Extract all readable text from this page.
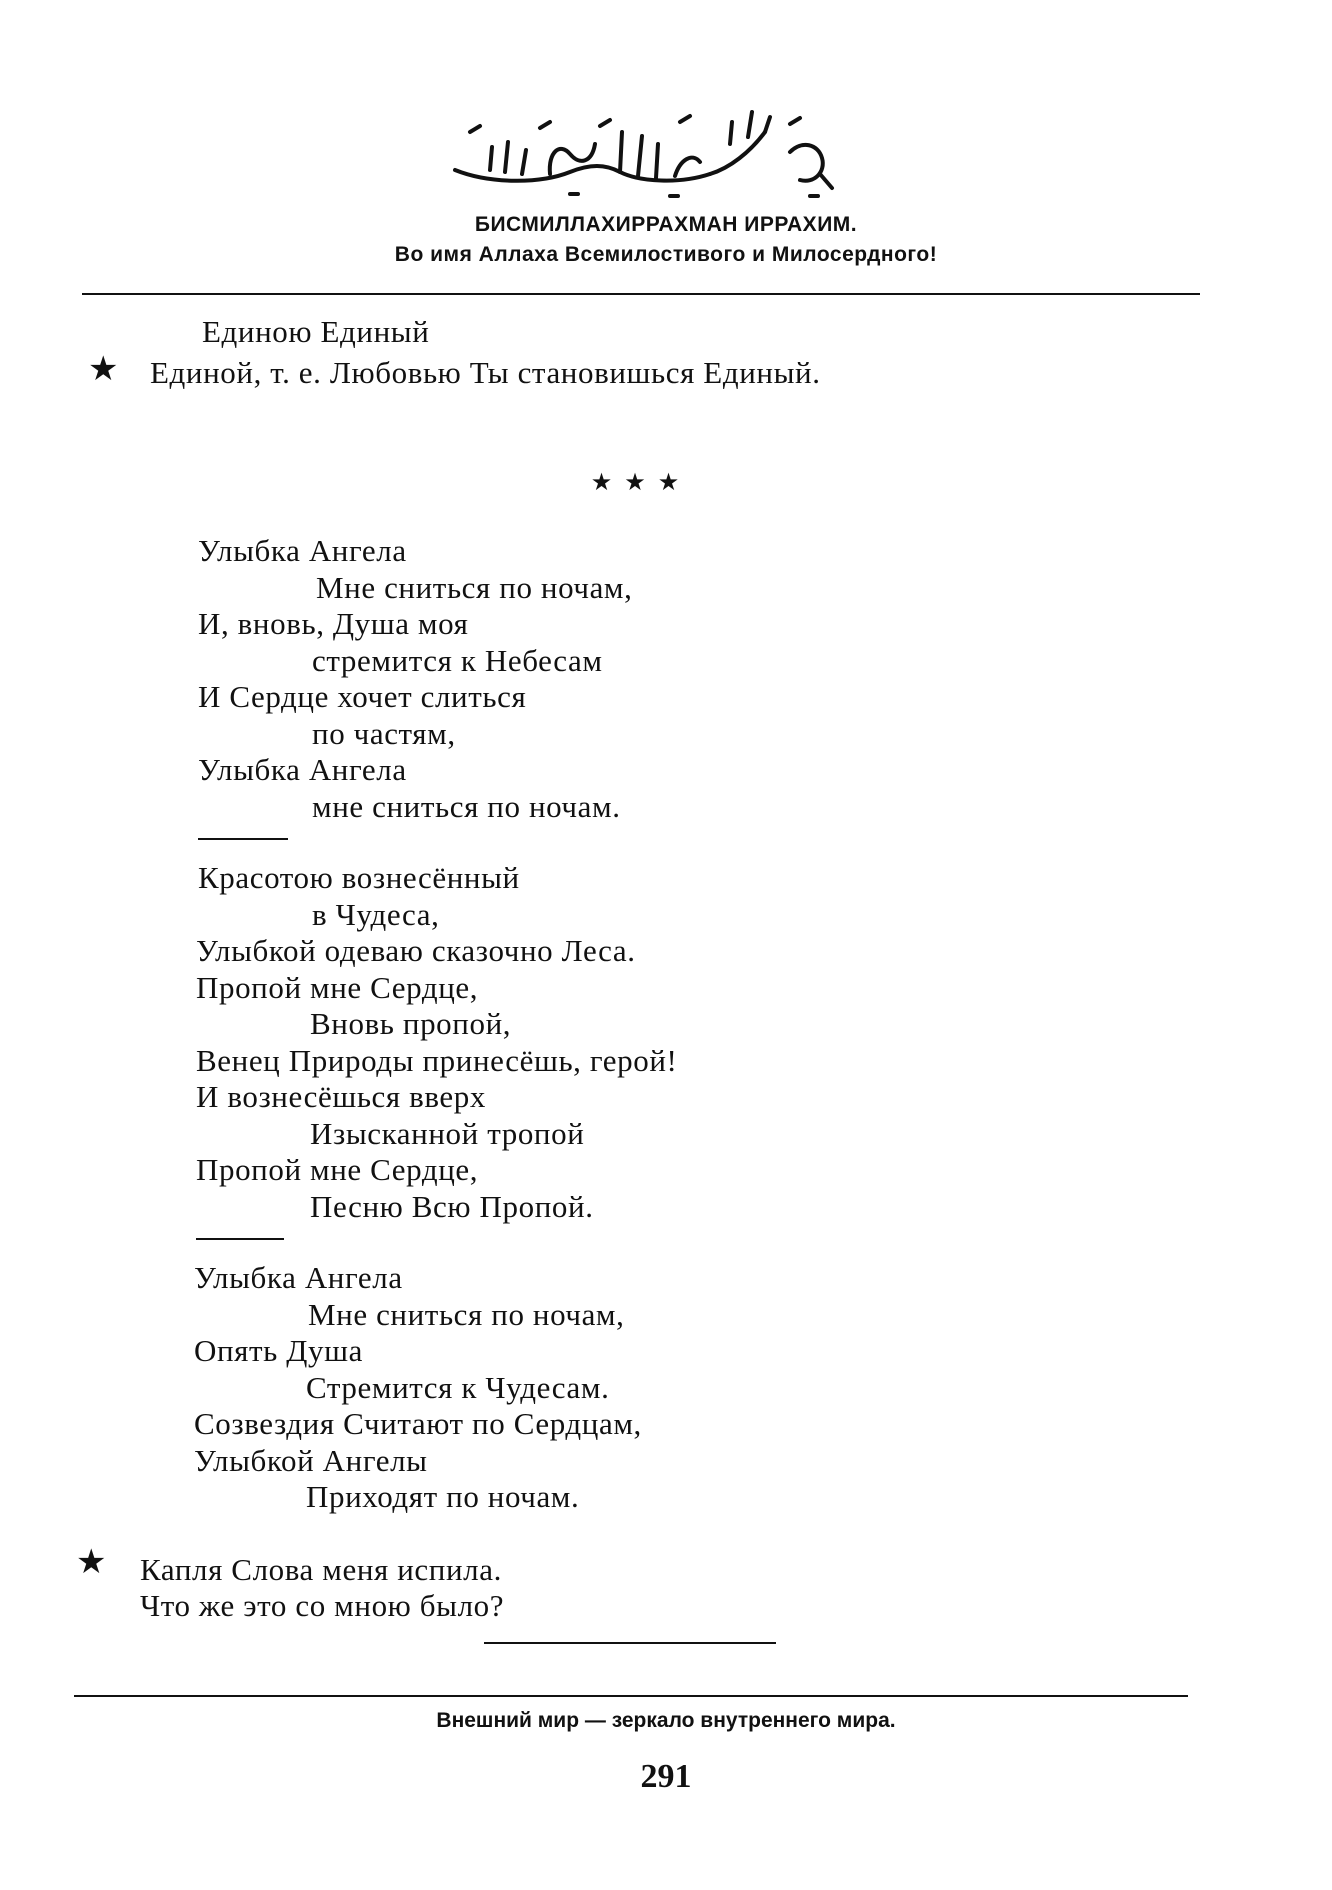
БИСМИЛЛАХИРРАХМАН ИРРАХИМ.
Во имя Аллаха Всемилостивого и Милосердного!
Единою Единый
★ Единой, т. е. Любовью Ты становишься Единый.
★★★
Улыбка Ангела
Мне сниться по ночам,
И, вновь, Душа моя
стремится к Небесам
И Сердце хочет слиться
по частям,
Улыбка Ангела
мне сниться по ночам.
Красотою вознесённый
в Чудеса,
Улыбкой одеваю сказочно Леса.
Пропой мне Сердце,
Вновь пропой,
Венец Природы принесёшь, герой!
И вознесёшься вверх
Изысканной тропой
Пропой мне Сердце,
Песню Всю Пропой.
Улыбка Ангела
Мне сниться по ночам,
Опять Душа
Стремится к Чудесам.
Созвездия Считают по Сердцам,
Улыбкой Ангелы
Приходят по ночам.
★ Капля Слова меня испила.
Что же это со мною было?
Внешний мир — зеркало внутреннего мира.
291
